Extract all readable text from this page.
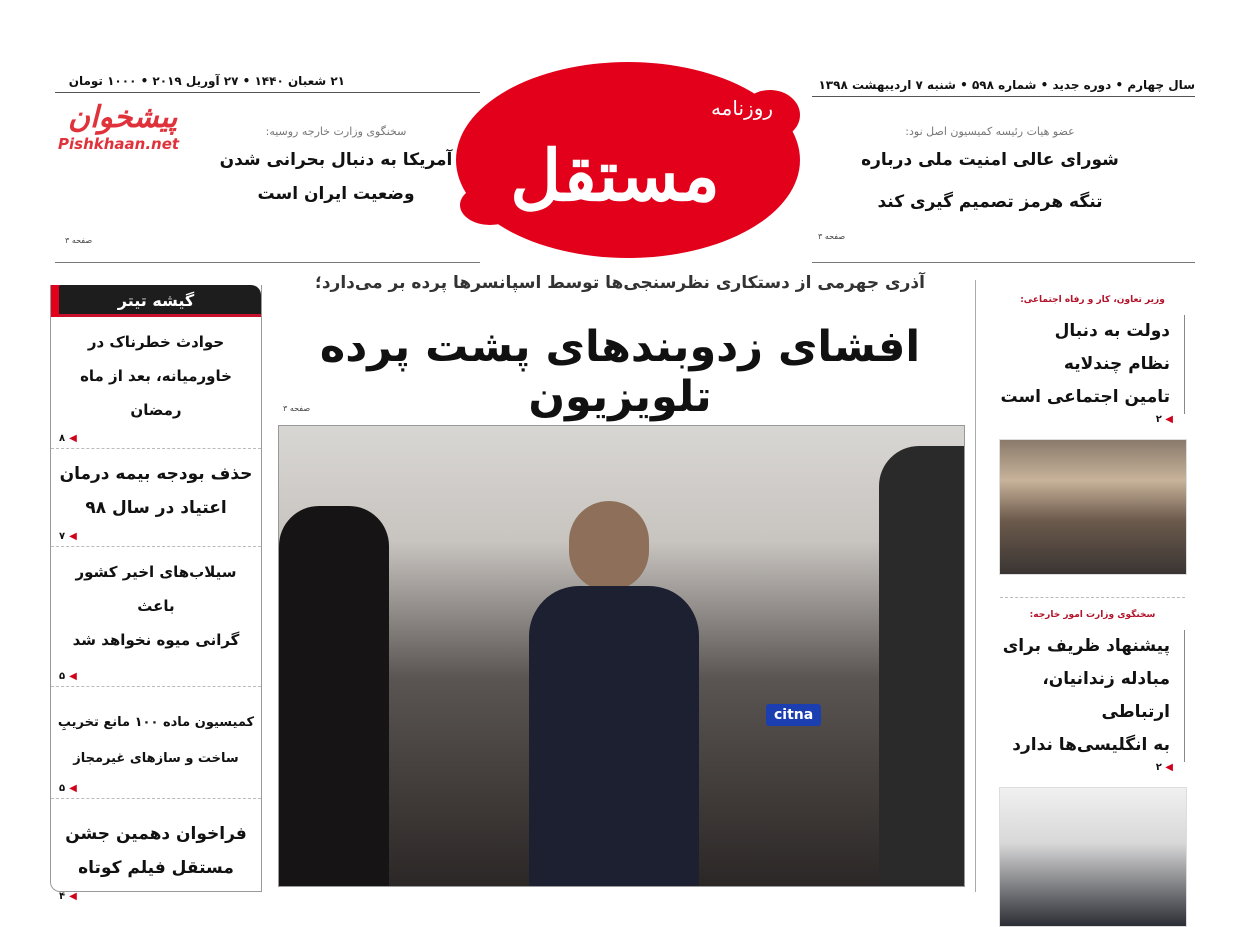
سال چهارم • دوره جدید • شماره ۵۹۸ • شنبه ۷ اردیبهشت ۱۳۹۸
۲۱ شعبان ۱۴۴۰ • ۲۷ آوریل ۲۰۱۹ • ۱۰۰۰ تومان
مستقل
روزنامه
عضو هیات رئیسه کمیسیون اصل نود:
شورای عالی امنیت ملی درباره
تنگه هرمز تصمیم گیری کند
صفحه ۳
سخنگوی وزارت خارجه روسیه:
آمریکا به دنبال بحرانی شدن
وضعیت ایران است
صفحه ۳
پیشخوان
Pishkhaan.net
گیشه تیتر
حوادث خطرناک در
خاورمیانه، بعد از ماه رمضان
۸ ◀
حذف بودجه بیمه درمان
اعتیاد در سال ۹۸
۷ ◀
سیلاب‌های اخیر کشور باعث
گرانی میوه نخواهد شد
۵ ◀
کمیسیون ماده ۱۰۰ مانع تخریبِ
ساخت و سازهای غیرمجاز
۵ ◀
فراخوان دهمین جشن
مستقل فیلم کوتاه
۴ ◀
آذری جهرمی از دستکاری نظرسنجی‌ها توسط اسپانسرها پرده بر می‌دارد؛
افشای زدوبندهای پشت پرده تلویزیون
صفحه ۳
citna
وزیر تعاون، کار و رفاه اجتماعی:
دولت به دنبال
نظام چندلایه
تامین اجتماعی است
◀ ۲
سخنگوی وزارت امور خارجه:
پیشنهاد ظریف برای
مبادله زندانیان، ارتباطی
به انگلیسی‌ها ندارد
◀ ۲
